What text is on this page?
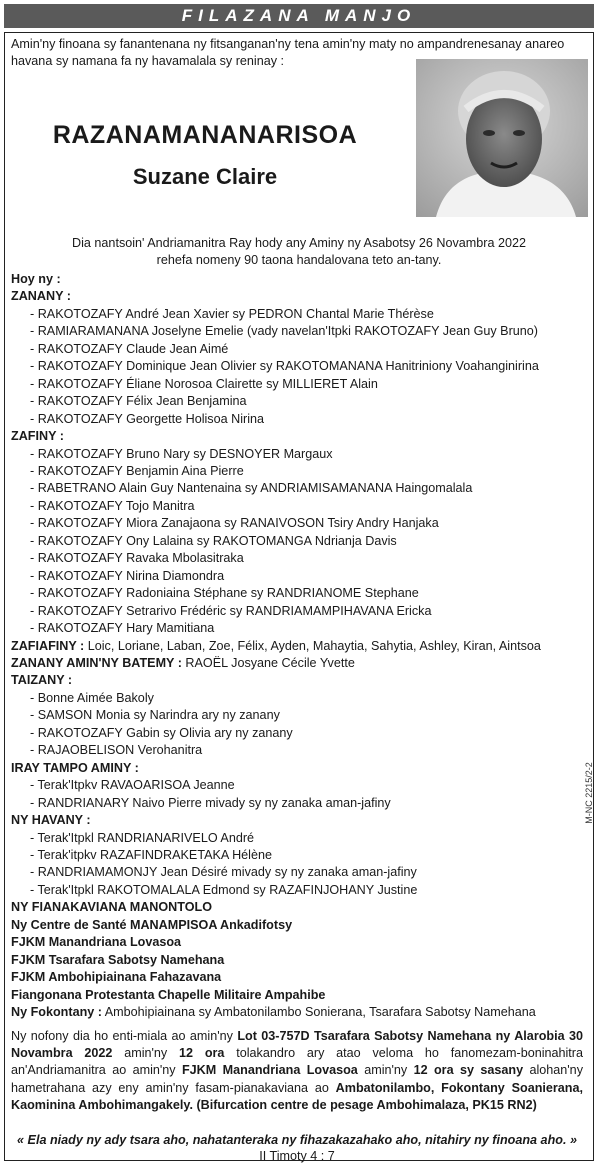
FILAZANA MANJO
Amin'ny finoana sy fanantenana ny fitsanganan'ny tena amin'ny maty no ampandrenesanay anareo havana sy namana fa ny havamalala sy reninay :
RAZANAMANANARISOA
Suzane Claire
Dia nantsoin' Andriamanitra Ray hody any Aminy ny Asabotsy 26 Novambra 2022
rehefa nomeny 90 taona handalovana teto an-tany.
Hoy ny :
ZANANY :
- RAKOTOZAFY André Jean Xavier sy PEDRON Chantal Marie Thérèse
- RAMIARAMANANA Joselyne Emelie (vady navelan'Itpki RAKOTOZAFY Jean Guy Bruno)
- RAKOTOZAFY Claude Jean Aimé
- RAKOTOZAFY Dominique Jean Olivier sy RAKOTOMANANA Hanitriniony Voahanginirina
- RAKOTOZAFY Éliane Norosoa Clairette sy MILLIERET Alain
- RAKOTOZAFY Félix Jean Benjamina
- RAKOTOZAFY Georgette Holisoa Nirina
ZAFINY :
- RAKOTOZAFY Bruno Nary sy DESNOYER Margaux
- RAKOTOZAFY Benjamin Aina Pierre
- RABETRANO Alain Guy Nantenaina sy ANDRIAMISAMANANA Haingomalala
- RAKOTOZAFY Tojo Manitra
- RAKOTOZAFY Miora Zanajaona sy RANAIVOSON Tsiry Andry Hanjaka
- RAKOTOZAFY Ony Lalaina sy RAKOTOMANGA Ndrianja Davis
- RAKOTOZAFY Ravaka Mbolasitraka
- RAKOTOZAFY Nirina Diamondra
- RAKOTOZAFY Radoniaina Stéphane sy RANDRIANOME Stephane
- RAKOTOZAFY Setrarivo Frédéric sy RANDRIAMAMPIHAVANA Ericka
- RAKOTOZAFY Hary Mamitiana
ZAFIAFINY : Loic, Loriane, Laban, Zoe, Félix, Ayden, Mahaytia, Sahytia, Ashley, Kiran, Aintsoa
ZANANY AMIN'NY BATEMY : RAOËL Josyane Cécile Yvette
TAIZANY :
- Bonne Aimée Bakoly
- SAMSON Monia sy Narindra ary ny zanany
- RAKOTOZAFY Gabin sy Olivia ary ny zanany
- RAJAOBELISON Verohanitra
IRAY TAMPO AMINY :
- Terak'Itpkv RAVAOARISOA Jeanne
- RANDRIANARY Naivo Pierre mivady sy ny zanaka aman-jafiny
NY HAVANY :
- Terak'Itpkl RANDRIANARIVELO André
- Terak'itpkv RAZAFINDRAKETAKA Hélène
- RANDRIAMAMONJY Jean Désiré mivady sy ny zanaka aman-jafiny
- Terak'Itpkl RAKOTOMALALA Edmond sy RAZAFINJOHANY Justine
NY FIANAKAVIANA MANONTOLO
Ny Centre de Santé MANAMPISOA Ankadifotsy
FJKM Manandriana Lovasoa
FJKM Tsarafara Sabotsy Namehana
FJKM Ambohipiainana Fahazavana
Fiangonana Protestanta Chapelle Militaire Ampahibe
Ny Fokontany : Ambohipiainana sy Ambatonilambo Sonierana, Tsarafara Sabotsy Namehana
Ny nofony dia ho enti-miala ao amin'ny Lot 03-757D Tsarafara Sabotsy Namehana ny Alarobia 30 Novambra 2022 amin'ny 12 ora tolakandro ary atao veloma ho fanomezam-boninahitra an'Andriamanitra ao amin'ny FJKM Manandriana Lovasoa amin'ny 12 ora sy sasany alohan'ny hametrahana azy eny amin'ny fasam-pianakaviana ao Ambatonilambo, Fokontany Soanierana, Kaominina Ambohimangakely. (Bifurcation centre de pesage Ambohimalaza, PK15 RN2)
« Ela niady ny ady tsara aho, nahatanteraka ny fihazakazahako aho, nitahiry ny finoana aho. »
II Timoty 4 : 7
M-NC 2215/2-2
